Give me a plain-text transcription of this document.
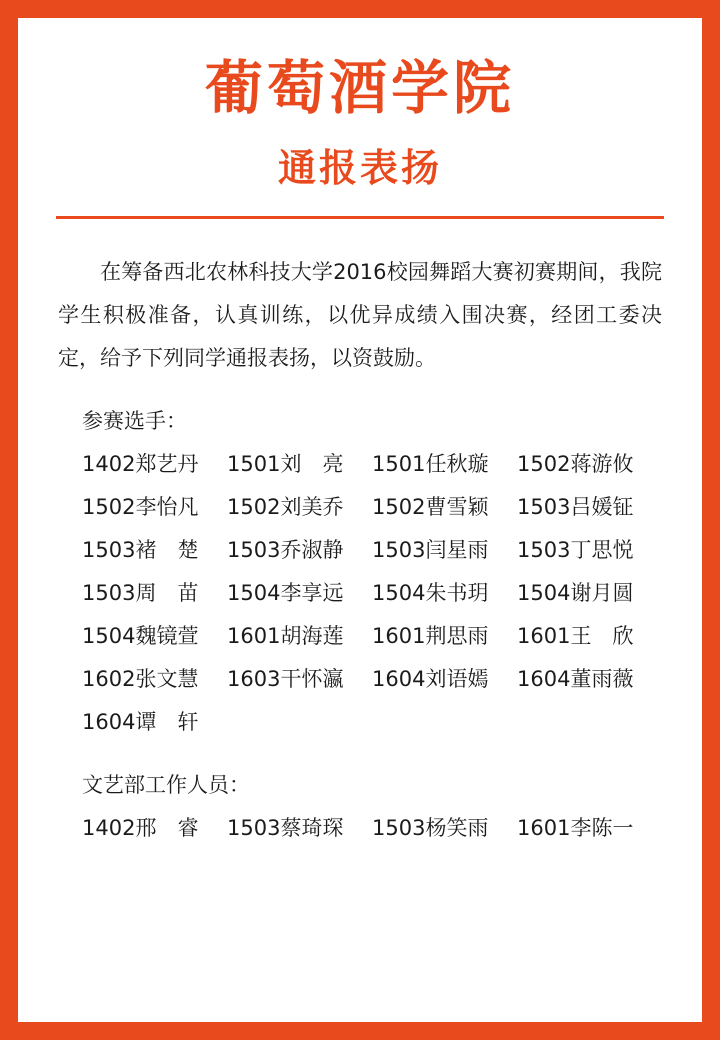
葡萄酒学院
通报表扬

在筹备西北农林科技大学2016校园舞蹈大赛初赛期间，我院学生积极准备，认真训练，以优异成绩入围决赛，经团工委决定，给予下列同学通报表扬，以资鼓励。

参赛选手：
1402郑艺丹	1501刘　亮	1501任秋璇	1502蒋游攸
1502李怡凡	1502刘美乔	1502曹雪颖	1503吕媛钲
1503褚　楚	1503乔淑静	1503闫星雨	1503丁思悦
1503周　苗	1504李享远	1504朱书玥	1504谢月圆
1504魏镜萱	1601胡海莲	1601荆思雨	1601王　欣
1602张文慧	1603干怀瀛	1604刘语嫣	1604董雨薇
1604谭　轩
文艺部工作人员：
1402邢　睿	1503蔡琦琛	1503杨笑雨	1601李陈一
